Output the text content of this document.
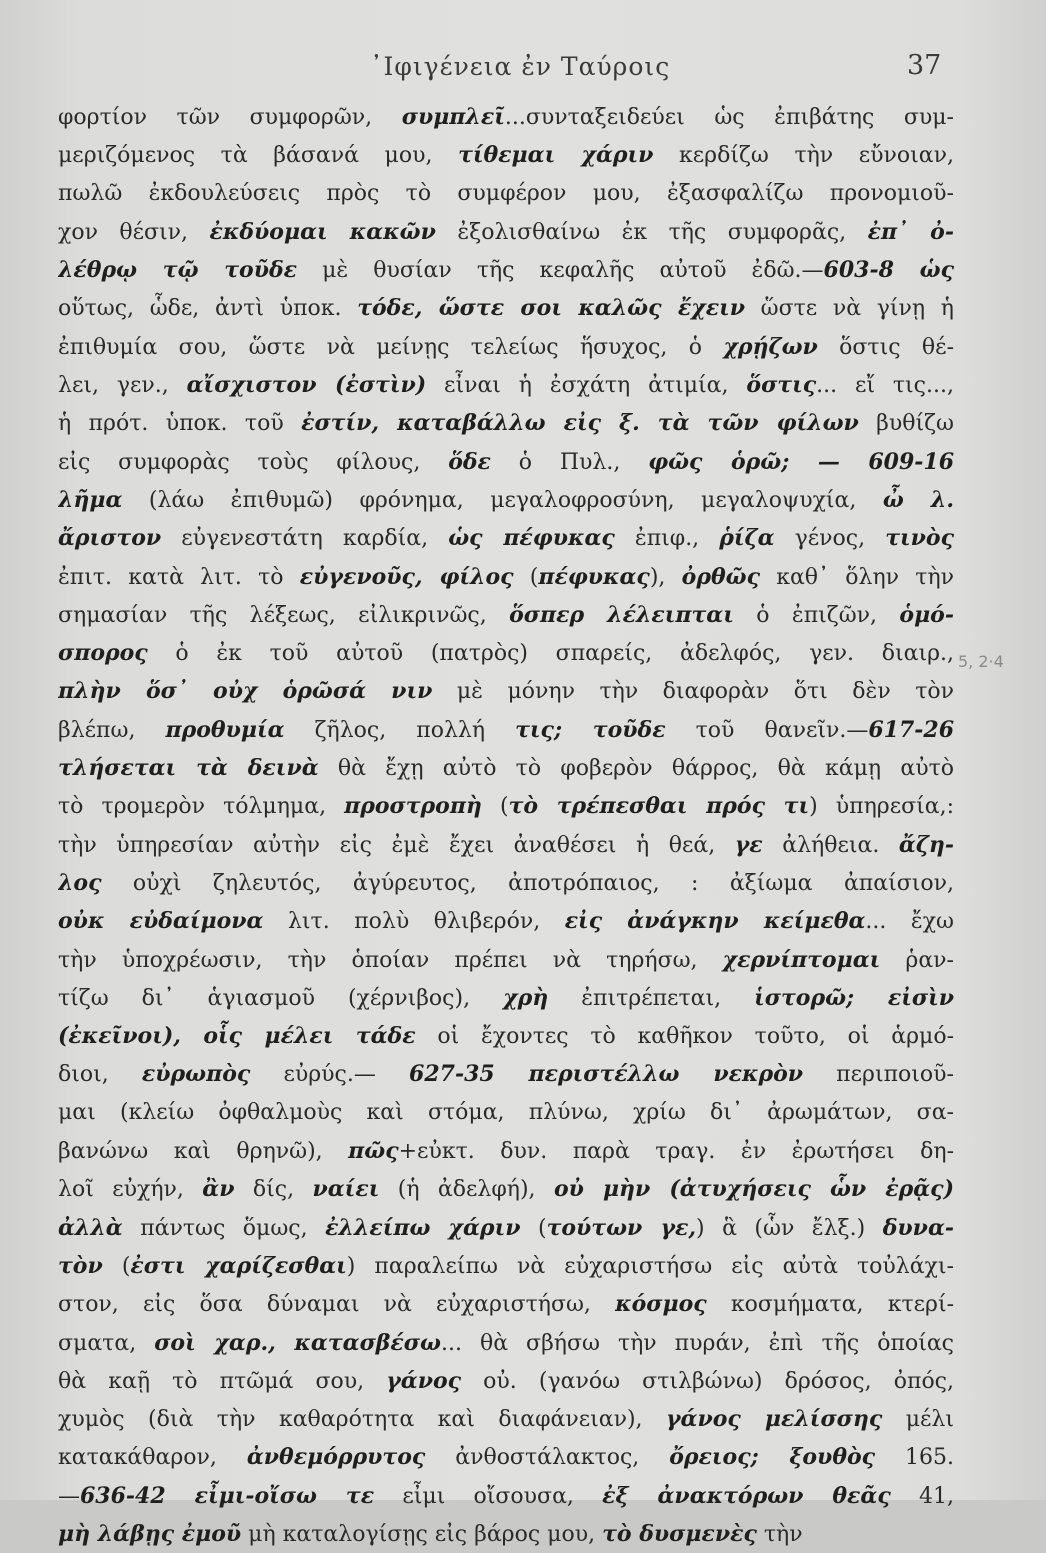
᾿Ιφιγένεια ἐν Ταύροις	37
φορτίον τῶν συμφορῶν, συμπλεῖ...συνταξειδεύει ὡς ἐπιβάτης συμ-
μεριζόμενος τὰ βάσανά μου, τίθεμαι χάριν κερδίζω τὴν εὔνοιαν,
πωλῶ ἐκδουλεύσεις πρὸς τὸ συμφέρον μου, ἐξασφαλίζω προνομιοῦ-
χον θέσιν, ἐκδύομαι κακῶν ἐξολισθαίνω ἐκ τῆς συμφορᾶς, ἐπ᾿ ὀ-
λέθρῳ τῷ τοῦδε μὲ θυσίαν τῆς κεφαλῆς αὐτοῦ ἐδῶ.—603-8 ὡς
οὕτως, ὧδε, ἀντὶ ὑποκ. τόδε, ὥστε σοι καλῶς ἔχειν ὥστε νὰ γίνῃ ἡ
ἐπιθυμία σου, ὥστε νὰ μείνῃς τελείως ἥσυχος, ὁ χρῄζων ὅστις θέ-
λει, γεν., αἴσχιστον (ἐστὶν) εἶναι ἡ ἐσχάτη ἀτιμία, ὅστις... εἴ τις...,
ἡ πρότ. ὑποκ. τοῦ ἐστίν, καταβάλλω εἰς ξ. τὰ τῶν φίλων βυθίζω
εἰς συμφορὰς τοὺς φίλους, ὅδε ὁ Πυλ., φῶς ὁρῶ; — 609-16
λῆμα (λάω ἐπιθυμῶ) φρόνημα, μεγαλοφροσύνη, μεγαλοψυχία, ὦ λ.
ἄριστον εὐγενεστάτη καρδία, ὡς πέφυκας ἐπιφ., ῥίζα γένος, τινὸς
ἐπιτ. κατὰ λιτ. τὸ εὐγενοῦς, φίλος (πέφυκας), ὀρθῶς καθ᾿ ὅλην τὴν
σημασίαν τῆς λέξεως, εἰλικρινῶς, ὅσπερ λέλειπται ὁ ἐπιζῶν, ὁμό-
σπορος ὁ ἐκ τοῦ αὐτοῦ (πατρὸς) σπαρείς, ἀδελφός, γεν. διαιρ.,
πλὴν ὅσ᾿ οὐχ ὁρῶσά νιν μὲ μόνην τὴν διαφορὰν ὅτι δὲν τὸν
βλέπω, προθυμία ζῆλος, πολλή τις; τοῦδε τοῦ θανεῖν.—617-26
τλήσεται τὰ δεινὰ θὰ ἔχῃ αὐτὸ τὸ φοβερὸν θάρρος, θὰ κάμῃ αὐτὸ
τὸ τρομερὸν τόλμημα, προστροπὴ (τὸ τρέπεσθαι πρός τι) ὑπηρεσία,:
τὴν ὑπηρεσίαν αὐτὴν εἰς ἐμὲ ἔχει ἀναθέσει ἡ θεά, γε ἀλήθεια. ἄζη-
λος οὐχὶ ζηλευτός, ἀγύρευτος, ἀποτρόπαιος, : ἀξίωμα ἀπαίσιον,
οὐκ εὐδαίμονα λιτ. πολὺ θλιβερόν, εἰς ἀνάγκην κείμεθα... ἔχω
τὴν ὑποχρέωσιν, τὴν ὁποίαν πρέπει νὰ τηρήσω, χερνίπτομαι ῥαν-
τίζω δι᾿ ἁγιασμοῦ (χέρνιβος), χρὴ ἐπιτρέπεται, ἱστορῶ; εἰσὶν
(ἐκεῖνοι), οἷς μέλει τάδε οἱ ἔχοντες τὸ καθῆκον τοῦτο, οἱ ἁρμό-
διοι, εὐρωπὸς εὐρύς.— 627-35 περιστέλλω νεκρὸν περιποιοῦ-
μαι (κλείω ὀφθαλμοὺς καὶ στόμα, πλύνω, χρίω δι᾿ ἀρωμάτων, σα-
βανώνω καὶ θρηνῶ), πῶς+εὐκτ. δυν. παρὰ τραγ. ἐν ἐρωτήσει δη-
λοῖ εὐχήν, ἂν δίς, ναίει (ἡ ἀδελφή), οὐ μὴν (ἀτυχήσεις ὧν ἐρᾷς)
ἀλλὰ πάντως ὅμως, ἐλλείπω χάριν (τούτων γε,) ἃ (ὧν ἔλξ.) δυνα-
τὸν (ἐστι χαρίζεσθαι) παραλείπω νὰ εὐχαριστήσω εἰς αὐτὰ τοὐλάχι-
στον, εἰς ὅσα δύναμαι νὰ εὐχαριστήσω, κόσμος κοσμήματα, κτερί-
σματα, σοὶ χαρ., κατασβέσω... θὰ σβήσω τὴν πυράν, ἐπὶ τῆς ὁποίας
θὰ καῇ τὸ πτῶμά σου, γάνος οὐ. (γανόω στιλβώνω) δρόσος, ὀπός,
χυμὸς (διὰ τὴν καθαρότητα καὶ διαφάνειαν), γάνος μελίσσης μέλι
κατακάθαρον, ἀνθεμόρρυτος ἀνθοστάλακτος, ὄρειος; ξουθὸς 165.
—636-42 εἶμι-οἴσω τε εἶμι οἴσουσα, ἐξ ἀνακτόρων θεᾶς 41,
μὴ λάβῃς ἐμοῦ μὴ καταλογίσῃς εἰς βάρος μου, τὸ δυσμενὲς τὴν
5, 2·4
